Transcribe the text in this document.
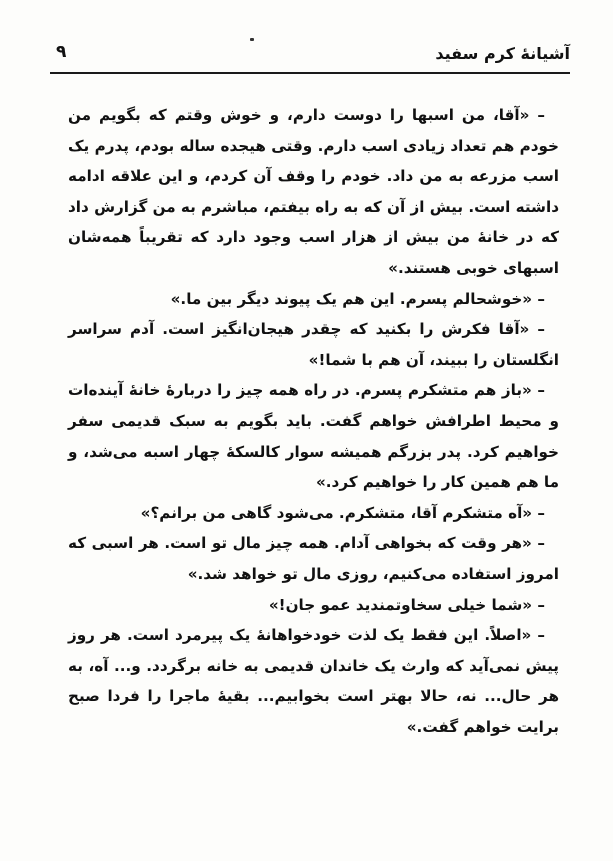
آشیانهٔ کرم سفید
۹

– «آقا، من اسبها را دوست دارم، و خوش وقتم که بگویم من خودم هم تعداد زیادی اسب دارم. وقتی هیجده ساله بودم، پدرم یک اسب مزرعه به من داد. خودم را وقف آن کردم، و این علاقه ادامه داشته است. بیش از آن که به راه بیفتم، مباشرم به من گزارش داد که در خانهٔ من بیش از هزار اسب وجود دارد که تقریباً همه‌شان اسبهای خوبی هستند.»

– «خوشحالم پسرم. این هم یک پیوند دیگر بین ما.»

– «آقا فکرش را بکنید که چقدر هیجان‌انگیز است. آدم سراسر انگلستان را ببیند، آن هم با شما!»

– «باز هم متشکرم پسرم. در راه همه چیز را دربارهٔ خانهٔ آینده‌ات و محیط اطرافش خواهم گفت. باید بگویم به سبک قدیمی سفر خواهیم کرد. پدر بزرگم همیشه سوار کالسکهٔ چهار اسبه می‌شد، و ما هم همین کار را خواهیم کرد.»

– «آه متشکرم آقا، متشکرم. می‌شود گاهی من برانم؟»

– «هر وقت که بخواهی آدام. همه چیز مال تو است. هر اسبی که امروز استفاده می‌کنیم، روزی مال تو خواهد شد.»

– «شما خیلی سخاوتمندید عمو جان!»

– «اصلاً. این فقط یک لذت خودخواهانهٔ یک پیرمرد است. هر روز پیش نمی‌آید که وارث یک خاندان قدیمی به خانه برگردد. و... آه، به هر حال... نه، حالا بهتر است بخوابیم... بقیهٔ ماجرا را فردا صبح برایت خواهم گفت.»
